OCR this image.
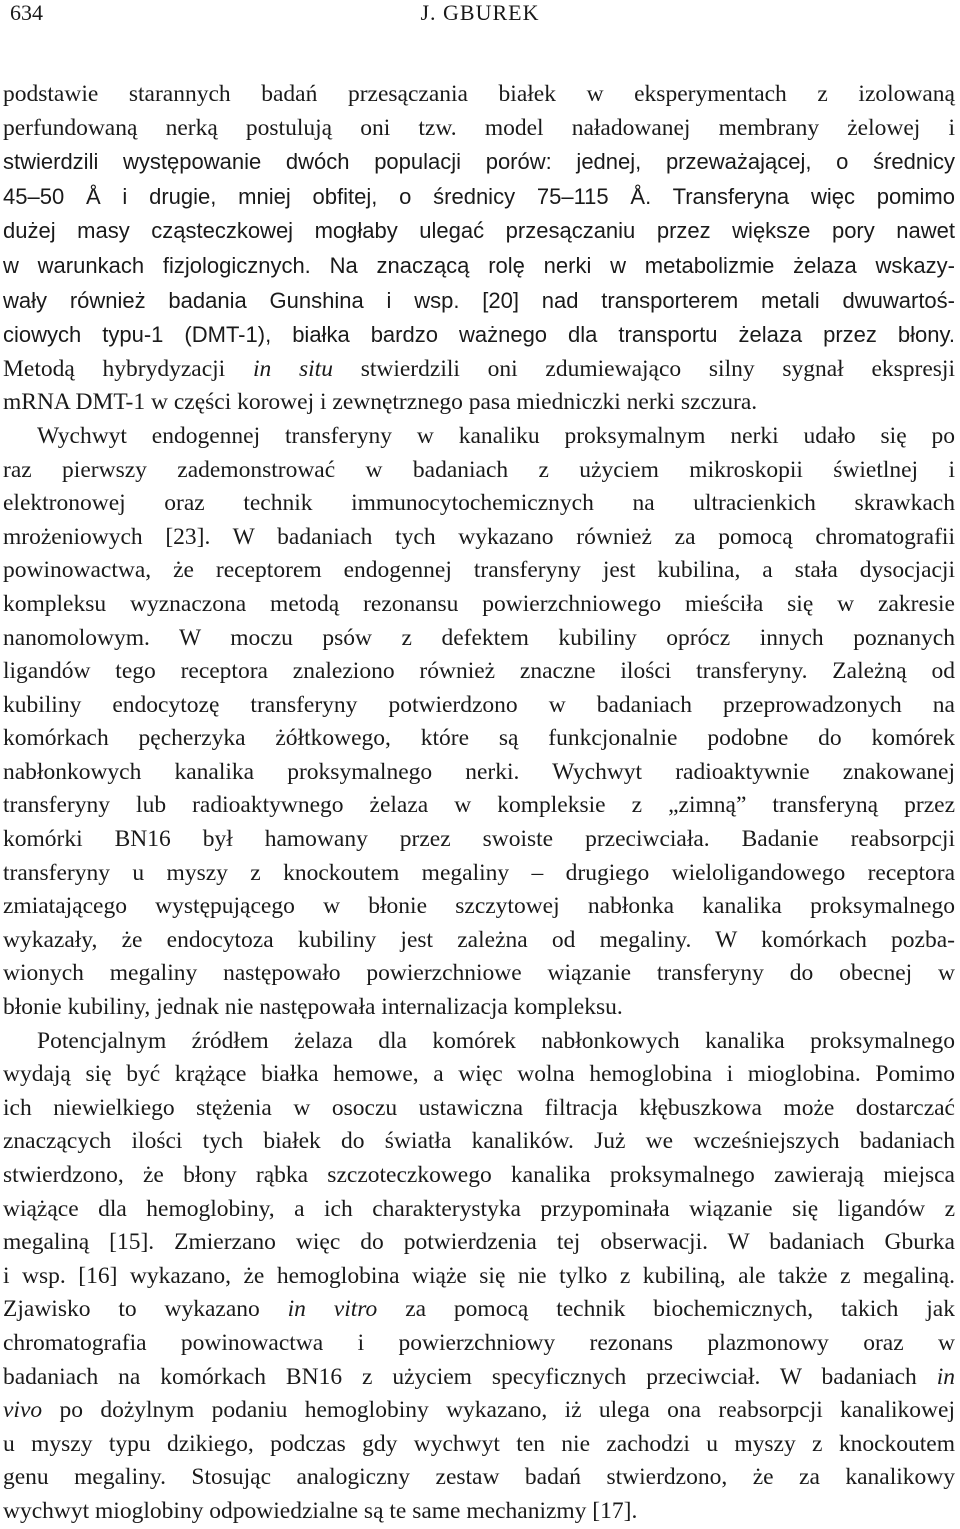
634	J. GBUREK

podstawie starannych badań przesączania białek w eksperymentach z izolowaną
perfundowaną nerką postulują oni tzw. model naładowanej membrany żelowej i
stwierdzili występowanie dwóch populacji porów: jednej, przeważającej, o średnicy
45–50 Å i drugie, mniej obfitej, o średnicy 75–115 Å. Transferyna więc pomimo
dużej masy cząsteczkowej mogłaby ulegać przesączaniu przez większe pory nawet
w warunkach fizjologicznych. Na znaczącą rolę nerki w metabolizmie żelaza wskazy-
wały również badania Gunshina i wsp. [20] nad transporterem metali dwuwartoś-
ciowych typu-1 (DMT-1), białka bardzo ważnego dla transportu żelaza przez błony.
Metodą hybrydyzacji in situ stwierdzili oni zdumiewająco silny sygnał ekspresji
mRNA DMT-1 w części korowej i zewnętrznego pasa miedniczki nerki szczura.

Wychwyt endogennej transferyny w kanaliku proksymalnym nerki udało się po
raz pierwszy zademonstrować w badaniach z użyciem mikroskopii świetlnej i
elektronowej oraz technik immunocytochemicznych na ultracienkich skrawkach
mrożeniowych [23]. W badaniach tych wykazano również za pomocą chromatografii
powinowactwa, że receptorem endogennej transferyny jest kubilina, a stała dysocjacji
kompleksu wyznaczona metodą rezonansu powierzchniowego mieściła się w zakresie
nanomolowym. W moczu psów z defektem kubiliny oprócz innych poznanych
ligandów tego receptora znaleziono również znaczne ilości transferyny. Zależną od
kubiliny endocytozę transferyny potwierdzono w badaniach przeprowadzonych na
komórkach pęcherzyka żółtkowego, które są funkcjonalnie podobne do komórek
nabłonkowych kanalika proksymalnego nerki. Wychwyt radioaktywnie znakowanej
transferyny lub radioaktywnego żelaza w kompleksie z „zimną” transferyną przez
komórki BN16 był hamowany przez swoiste przeciwciała. Badanie reabsorpcji
transferyny u myszy z knockoutem megaliny – drugiego wieloligandowego receptora
zmiatającego występującego w błonie szczytowej nabłonka kanalika proksymalnego
wykazały, że endocytoza kubiliny jest zależna od megaliny. W komórkach pozba-
wionych megaliny następowało powierzchniowe wiązanie transferyny do obecnej w
błonie kubiliny, jednak nie następowała internalizacja kompleksu.

Potencjalnym źródłem żelaza dla komórek nabłonkowych kanalika proksymalnego
wydają się być krążące białka hemowe, a więc wolna hemoglobina i mioglobina. Pomimo
ich niewielkiego stężenia w osoczu ustawiczna filtracja kłębuszkowa może dostarczać
znaczących ilości tych białek do światła kanalików. Już we wcześniejszych badaniach
stwierdzono, że błony rąbka szczoteczkowego kanalika proksymalnego zawierają miejsca
wiążące dla hemoglobiny, a ich charakterystyka przypominała wiązanie się ligandów z
megaliną [15]. Zmierzano więc do potwierdzenia tej obserwacji. W badaniach Gburka
i wsp. [16] wykazano, że hemoglobina wiąże się nie tylko z kubiliną, ale także z megaliną.
Zjawisko to wykazano in vitro za pomocą technik biochemicznych, takich jak
chromatografia powinowactwa i powierzchniowy rezonans plazmonowy oraz w
badaniach na komórkach BN16 z użyciem specyficznych przeciwciał. W badaniach in
vivo po dożylnym podaniu hemoglobiny wykazano, iż ulega ona reabsorpcji kanalikowej
u myszy typu dzikiego, podczas gdy wychwyt ten nie zachodzi u myszy z knockoutem
genu megaliny. Stosując analogiczny zestaw badań stwierdzono, że za kanalikowy
wychwyt mioglobiny odpowiedzialne są te same mechanizmy [17].
